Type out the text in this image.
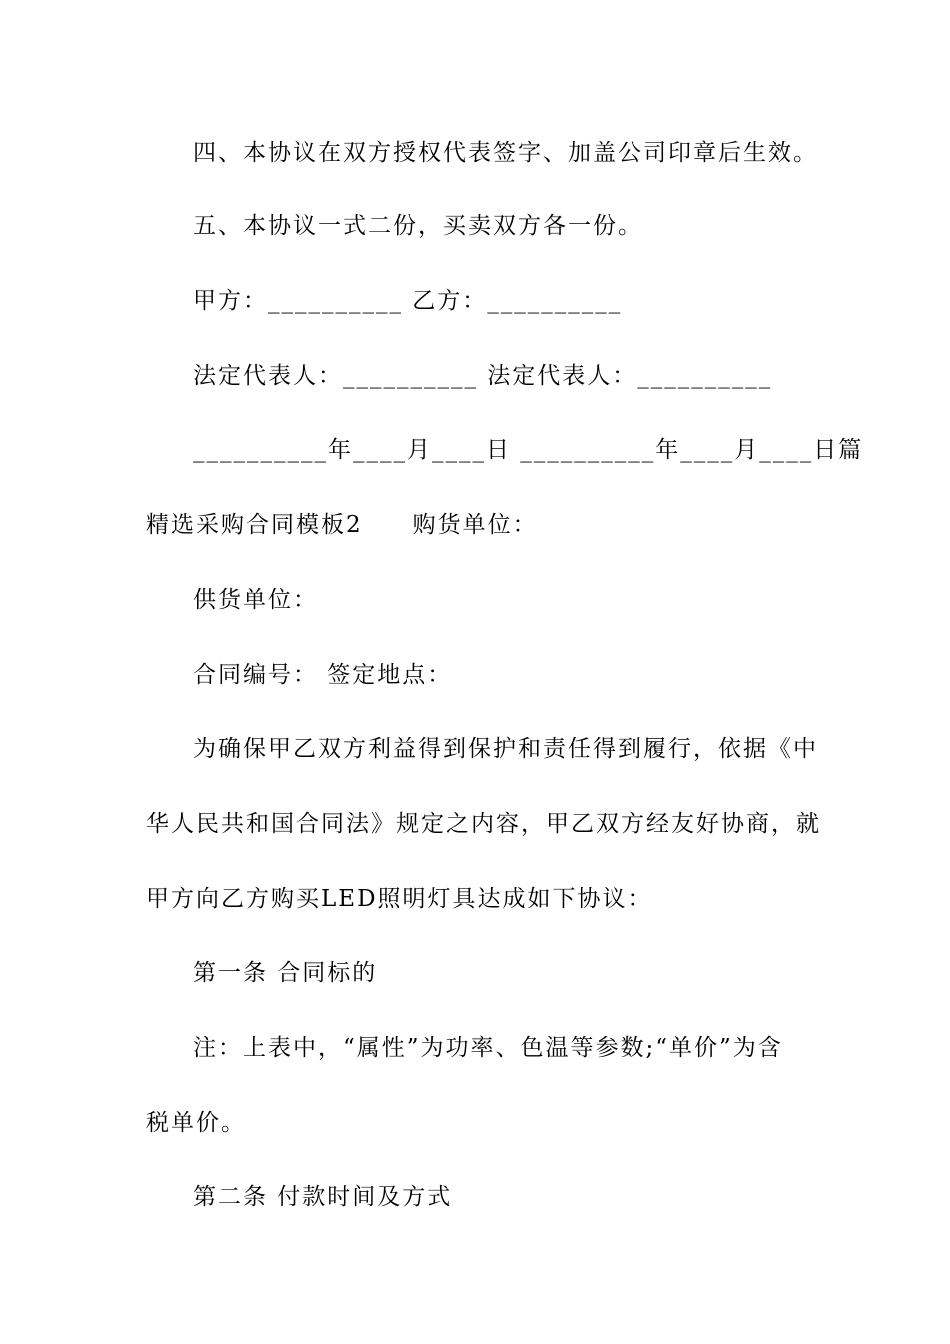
四、本协议在双方授权代表签字、加盖公司印章后生效。
五、本协议一式二份，买卖双方各一份。
甲方：__________ 乙方：__________
法定代表人：__________ 法定代表人：__________
__________年____月____日 __________年____月____日篇
精选采购合同模板2　　购货单位：
供货单位：
合同编号： 签定地点：
为确保甲乙双方利益得到保护和责任得到履行，依据《中
华人民共和国合同法》规定之内容，甲乙双方经友好协商，就
甲方向乙方购买LED照明灯具达成如下协议：
第一条 合同标的
注：上表中，“属性”为功率、色温等参数;“单价”为含
税单价。
第二条 付款时间及方式
